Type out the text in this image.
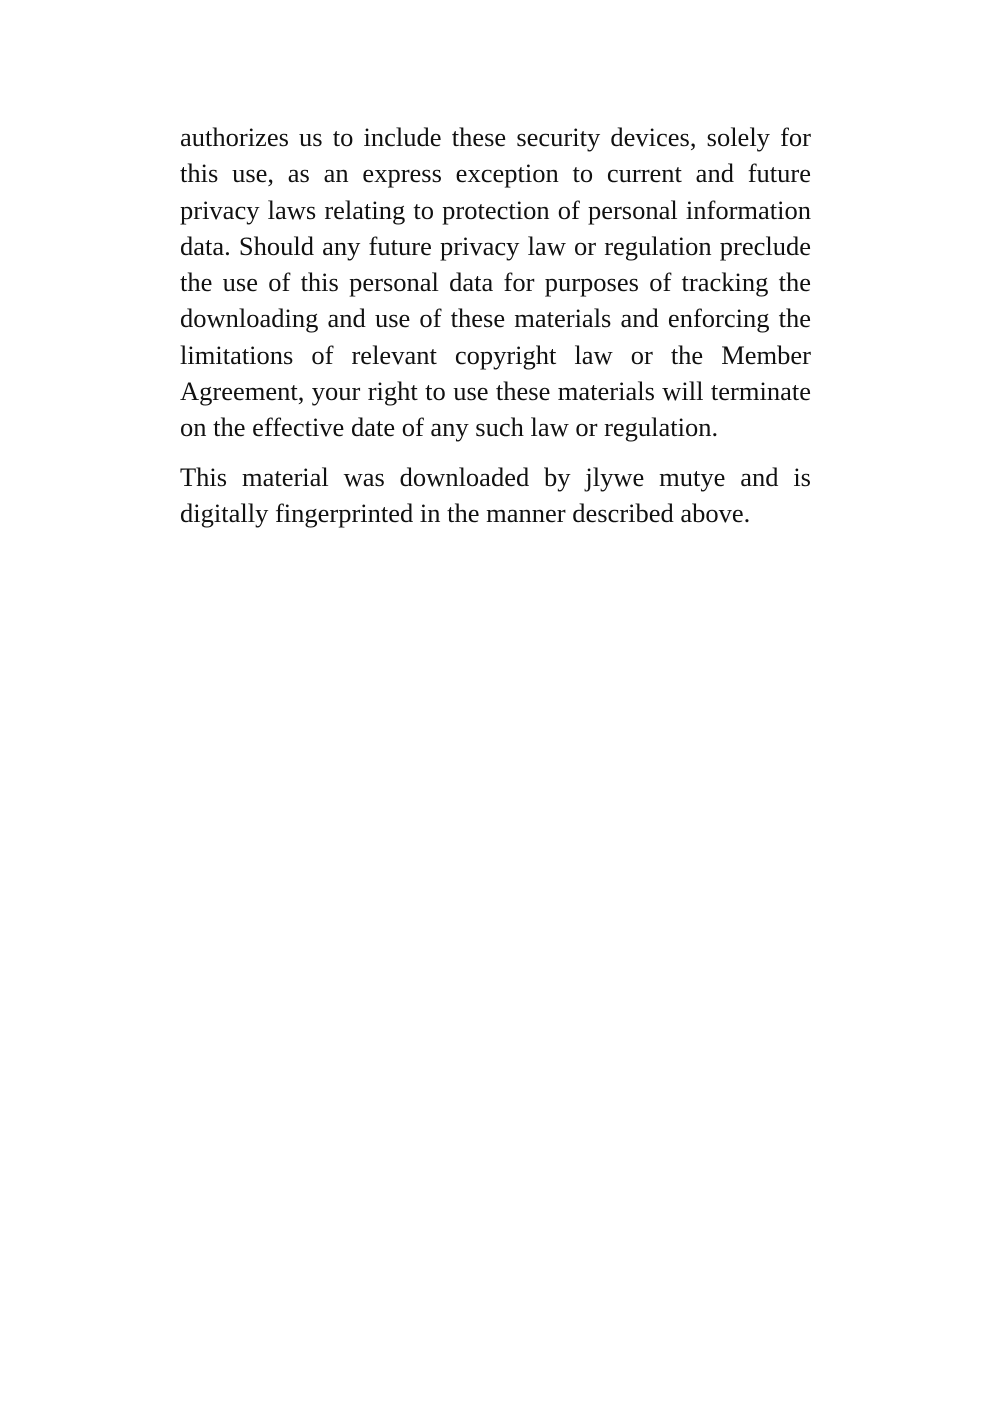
authorizes us to include these security devices, solely for this use, as an express exception to current and future privacy laws relating to protection of personal information data. Should any future privacy law or regulation preclude the use of this personal data for purposes of tracking the downloading and use of these materials and enforcing the limitations of relevant copyright law or the Member Agreement, your right to use these materials will terminate on the effective date of any such law or regulation.

This material was downloaded by jlywe mutye and is digitally fingerprinted in the manner described above.
